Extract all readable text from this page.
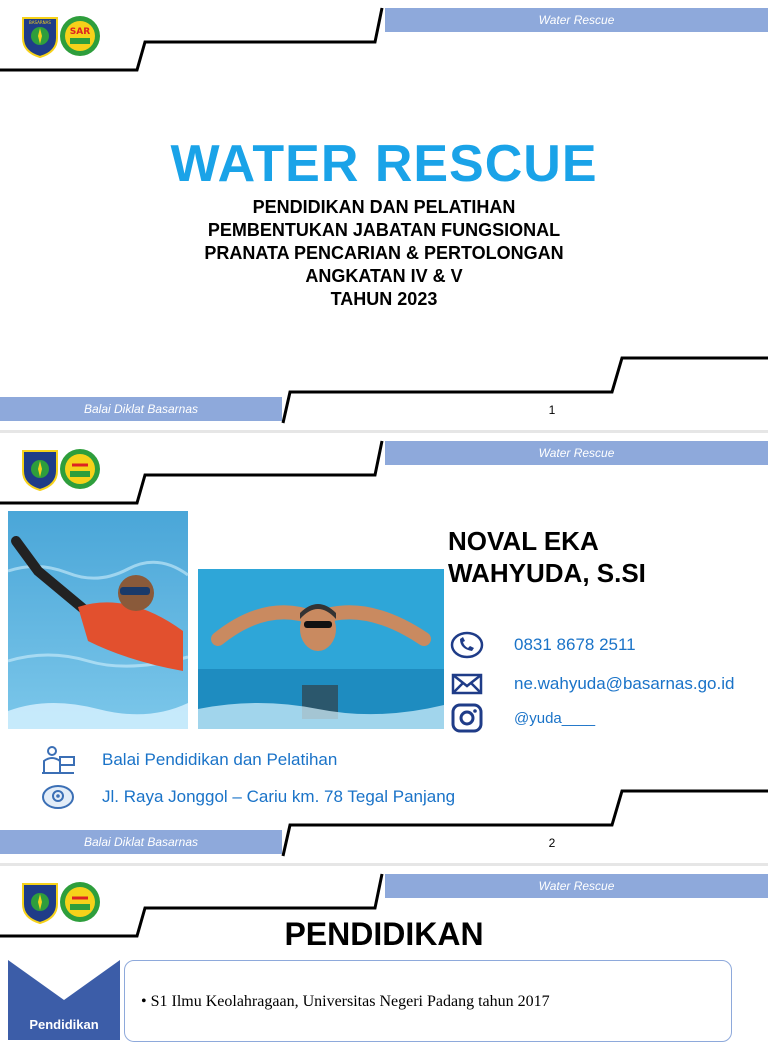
BASARNAS
SAR
Water Rescue
WATER RESCUE
PENDIDIKAN DAN PELATIHAN
PEMBENTUKAN JABATAN FUNGSIONAL
PRANATA PENCARIAN & PERTOLONGAN
ANGKATAN IV & V
TAHUN 2023
Balai Diklat Basarnas	1
Water Rescue
NOVAL EKA
WAHYUDA, S.SI
0831 8678 2511
ne.wahyuda@basarnas.go.id
@yuda____
Balai Pendidikan dan Pelatihan
Jl. Raya Jonggol – Cariu km. 78 Tegal Panjang
Balai Diklat Basarnas	2
Water Rescue
PENDIDIKAN
Pendidikan
• S1 Ilmu Keolahragaan, Universitas Negeri Padang tahun 2017
